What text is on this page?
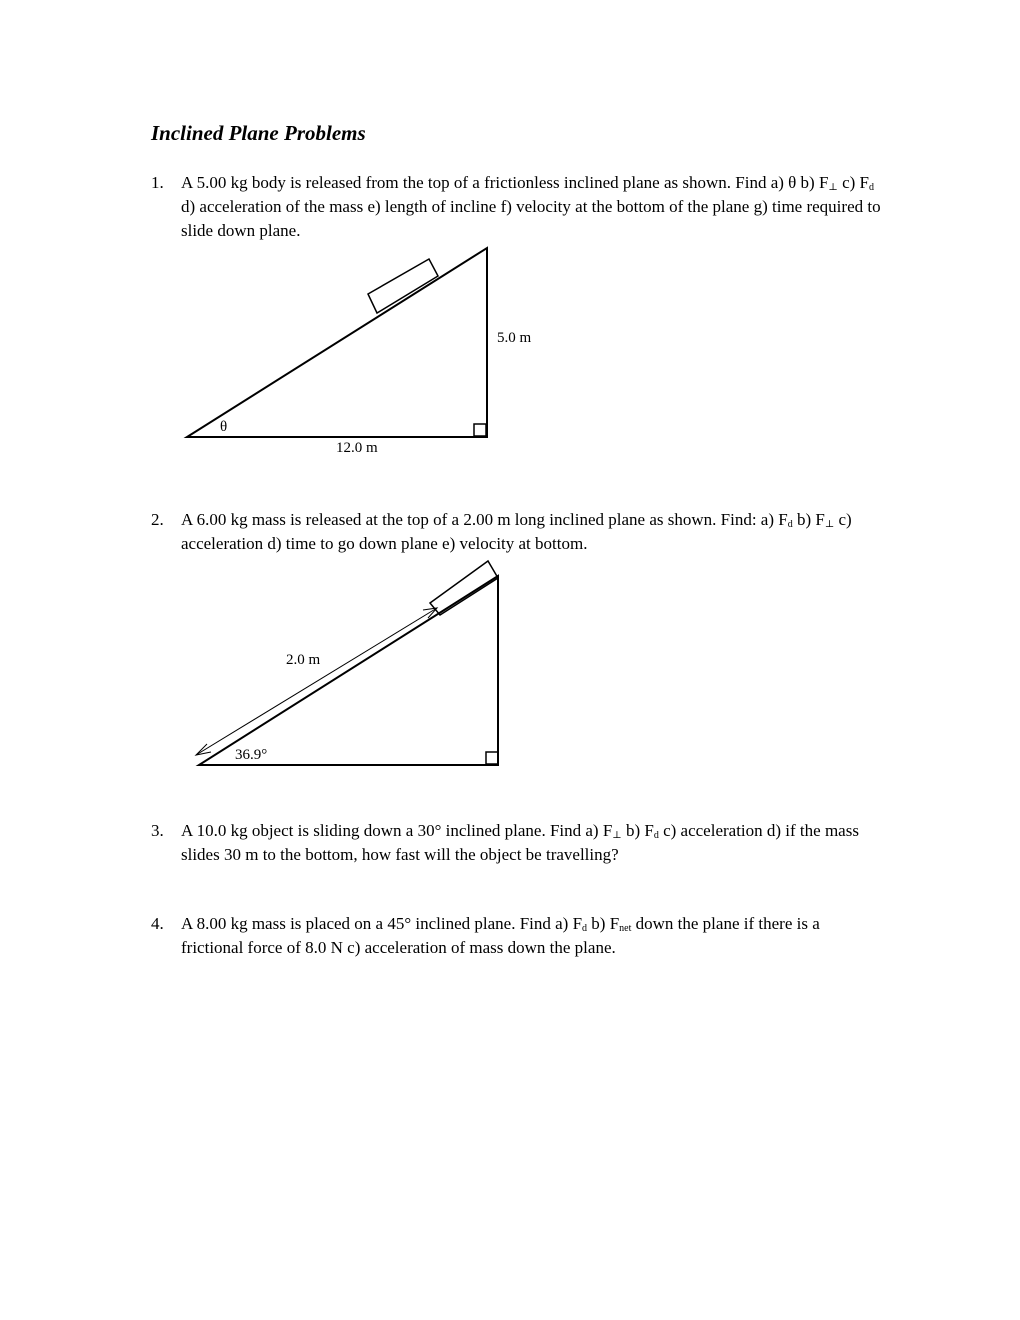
Inclined Plane Problems
1. A 5.00 kg body is released from the top of a frictionless inclined plane as shown. Find a) θ b) $F_\perp$ c) $F_d$ d) acceleration of the mass e) length of incline f) velocity at the bottom of the plane g) time required to slide down plane.
5.0 m
12.0 m
θ
2. A 6.00 kg mass is released at the top of a 2.00 m long inclined plane as shown. Find: a) $F_d$ b) $F_\perp$ c) acceleration d) time to go down plane e) velocity at bottom.
2.0 m
36.9°
3. A 10.0 kg object is sliding down a 30° inclined plane. Find a) $F_\perp$ b) $F_d$ c) acceleration d) if the mass slides 30 m to the bottom, how fast will the object be travelling?
4. A 8.00 kg mass is placed on a 45° inclined plane. Find a) $F_d$ b) $F_{net}$ down the plane if there is a frictional force of 8.0 N c) acceleration of mass down the plane.
